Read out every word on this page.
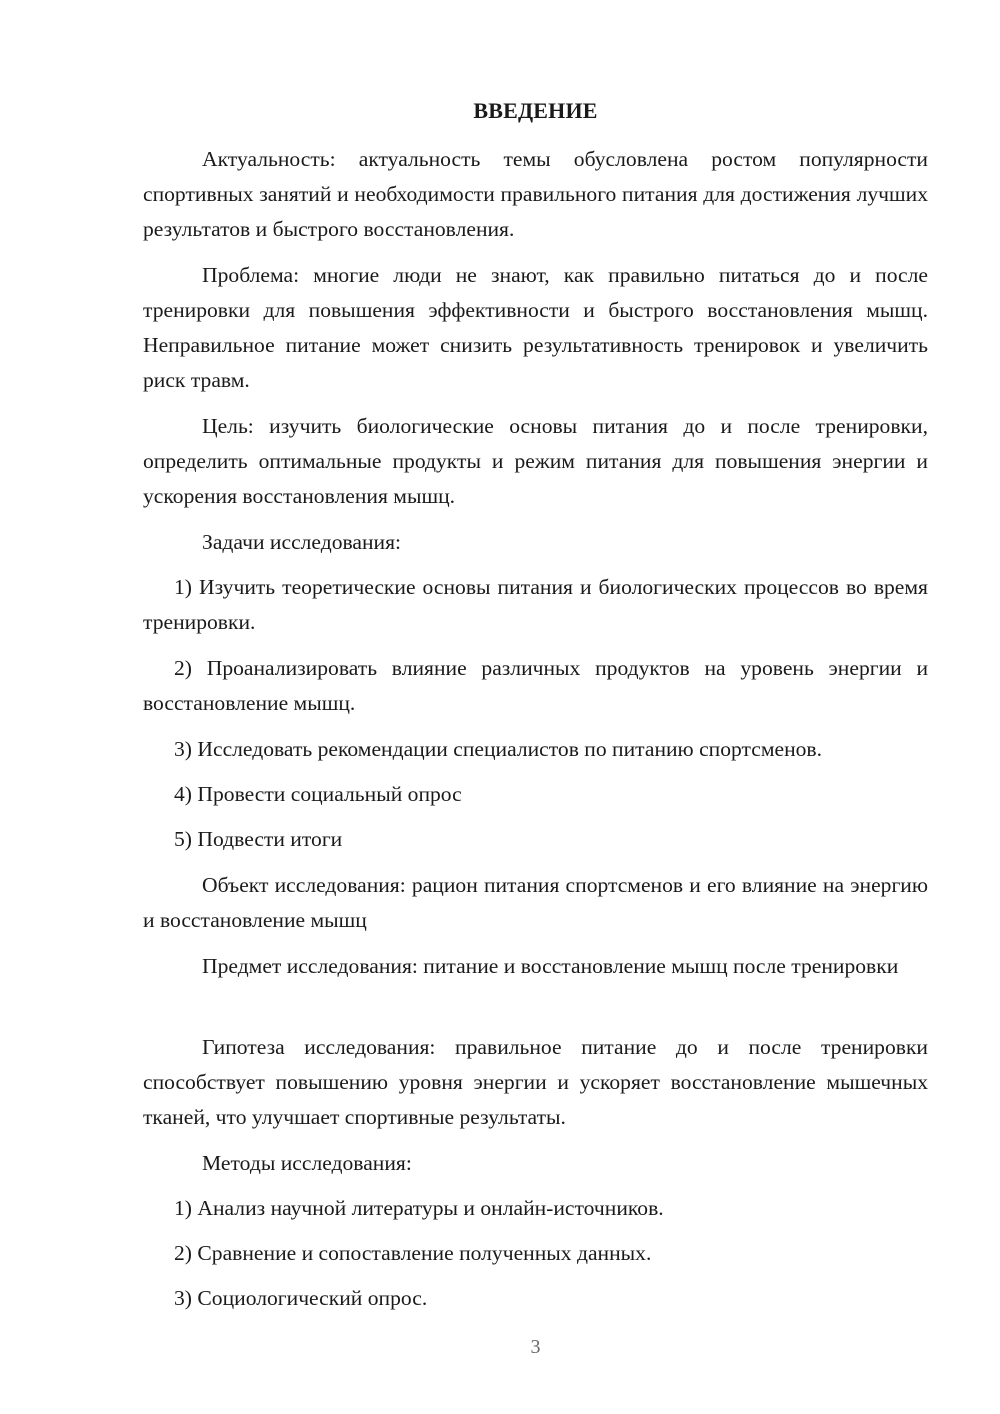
ВВЕДЕНИЕ

Актуальность: актуальность темы обусловлена ростом популярности спортивных занятий и необходимости правильного питания для достижения лучших результатов и быстрого восстановления.

Проблема: многие люди не знают, как правильно питаться до и после тренировки для повышения эффективности и быстрого восстановления мышц. Неправильное питание может снизить результативность тренировок и увеличить риск травм.

Цель: изучить биологические основы питания до и после тренировки, определить оптимальные продукты и режим питания для повышения энергии и ускорения восстановления мышц.

Задачи исследования:

1) Изучить теоретические основы питания и биологических процессов во время тренировки.

2) Проанализировать влияние различных продуктов на уровень энергии и восстановление мышц.

3) Исследовать рекомендации специалистов по питанию спортсменов.

4) Провести социальный опрос

5) Подвести итоги

Объект исследования: рацион питания спортсменов и его влияние на энергию и восстановление мышц

Предмет исследования: питание и восстановление мышц после тренировки

Гипотеза исследования: правильное питание до и после тренировки способствует повышению уровня энергии и ускоряет восстановление мышечных тканей, что улучшает спортивные результаты.

Методы исследования:

1) Анализ научной литературы и онлайн-источников.

2) Сравнение и сопоставление полученных данных.

3) Социологический опрос.

3
